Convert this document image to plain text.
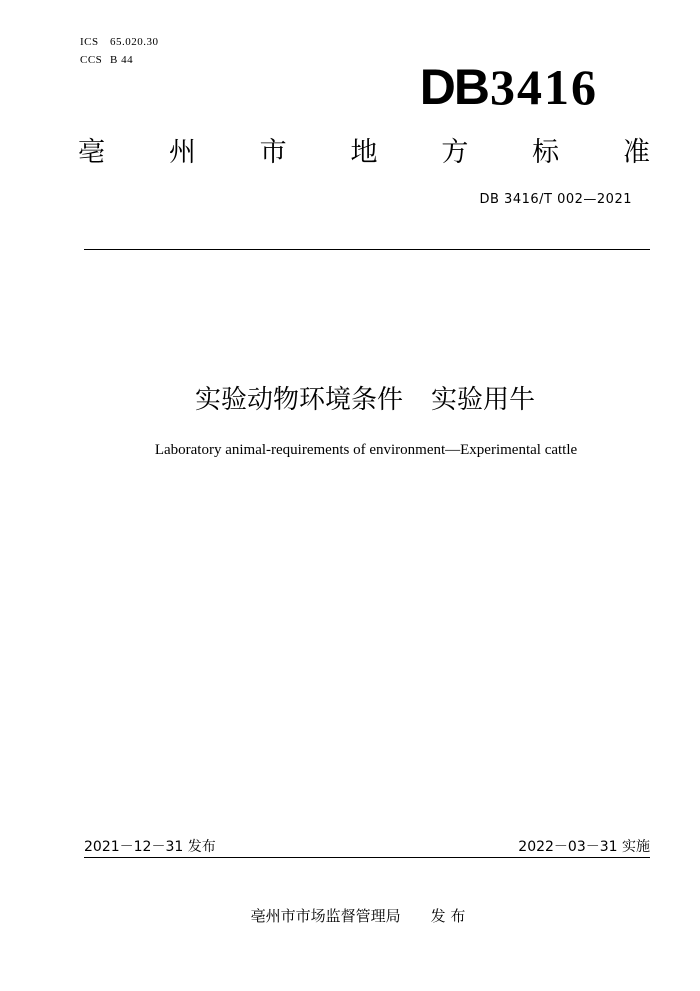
ICS 65.020.30
CCS B 44	DB3416
亳 州 市 地 方 标 准
DB 3416/T 002—2021
实验动物环境条件 实验用牛
Laboratory animal-requirements of environment—Experimental cattle
2021－12－31 发布	2022－03－31 实施
亳州市市场监督管理局 发 布
